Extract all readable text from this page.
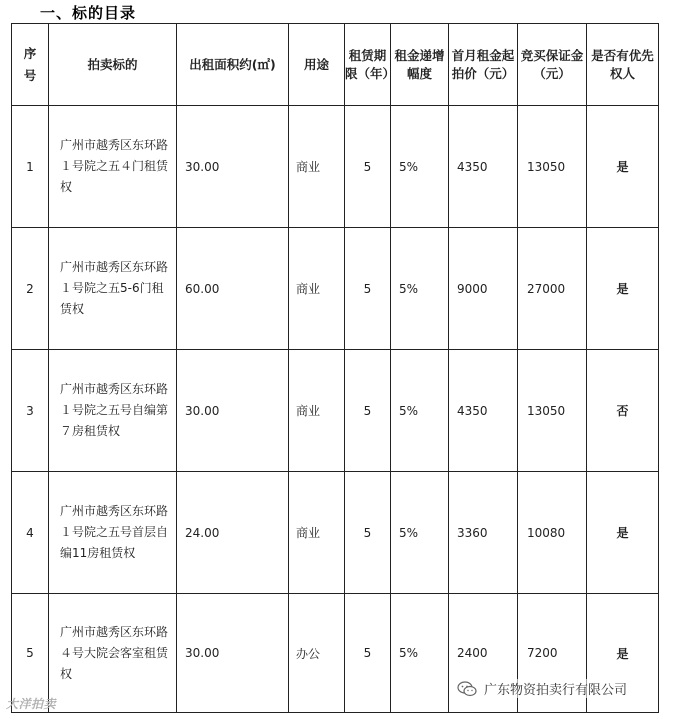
一、标的目录
序
号	拍卖标的	出租面积约(㎡)	用途	租赁期限（年）	租金递增幅度	首月租金起拍价（元）	竞买保证金（元）	是否有优先权人
1	广州市越秀区东环路１号院之五４门租赁权	30.00	商业	5	5%	4350	13050	是
2	广州市越秀区东环路１号院之五5-6门租赁权	60.00	商业	5	5%	9000	27000	是
3	广州市越秀区东环路１号院之五号自编第７房租赁权	30.00	商业	5	5%	4350	13050	否
4	广州市越秀区东环路１号院之五号首层自编11房租赁权	24.00	商业	5	5%	3360	10080	是
5	广州市越秀区东环路４号大院会客室租赁权	30.00	办公	5	5%	2400	7200	是
大洋拍卖
广东物资拍卖行有限公司
